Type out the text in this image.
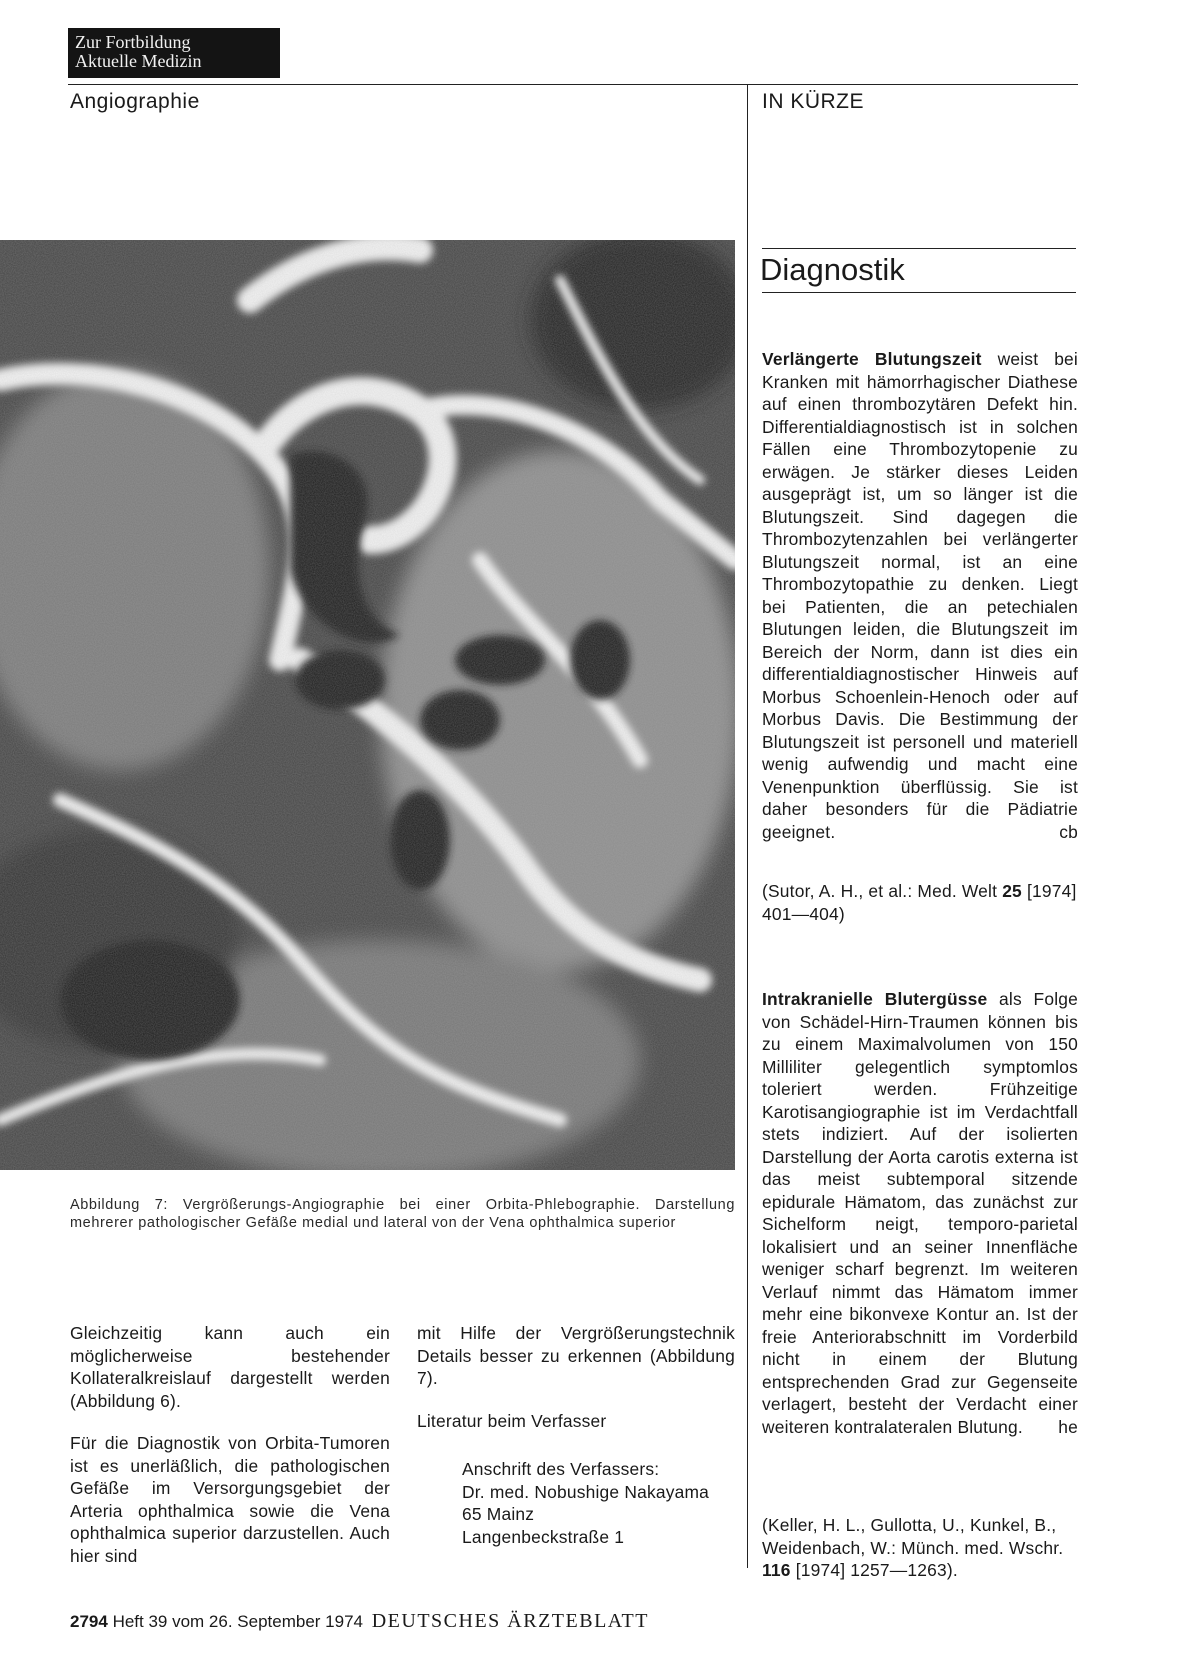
Zur Fortbildung
Aktuelle Medizin
Angiographie	IN KÜRZE
Abbildung 7: Vergrößerungs-Angiographie bei einer Orbita-Phlebographie. Darstellung mehrerer pathologischer Gefäße medial und lateral von der Vena ophthalmica superior

Gleichzeitig kann auch ein möglicherweise bestehender Kollateralkreislauf dargestellt werden (Abbildung 6).

Für die Diagnostik von Orbita-Tumoren ist es unerläßlich, die pathologischen Gefäße im Versorgungsgebiet der Arteria ophthalmica sowie die Vena ophthalmica superior darzustellen. Auch hier sind

mit Hilfe der Vergrößerungstechnik Details besser zu erkennen (Abbildung 7).

Literatur beim Verfasser

Anschrift des Verfassers:
Dr. med. Nobushige Nakayama
65 Mainz
Langenbeckstraße 1
Diagnostik

Verlängerte Blutungszeit weist bei Kranken mit hämorrhagischer Diathese auf einen thrombozytären Defekt hin. Differentialdiagnostisch ist in solchen Fällen eine Thrombozytopenie zu erwägen. Je stärker dieses Leiden ausgeprägt ist, um so länger ist die Blutungszeit. Sind dagegen die Thrombozytenzahlen bei verlängerter Blutungszeit normal, ist an eine Thrombozytopathie zu denken. Liegt bei Patienten, die an petechialen Blutungen leiden, die Blutungszeit im Bereich der Norm, dann ist dies ein differentialdiagnostischer Hinweis auf Morbus Schoenlein-Henoch oder auf Morbus Davis. Die Bestimmung der Blutungszeit ist personell und materiell wenig aufwendig und macht eine Venenpunktion überflüssig. Sie ist daher besonders für die Pädiatrie geeignet.	cb

(Sutor, A. H., et al.: Med. Welt 25 [1974] 401—404)

Intrakranielle Blutergüsse als Folge von Schädel-Hirn-Traumen können bis zu einem Maximalvolumen von 150 Milliliter gelegentlich symptomlos toleriert werden. Frühzeitige Karotisangiographie ist im Verdachtfall stets indiziert. Auf der isolierten Darstellung der Aorta carotis externa ist das meist subtemporal sitzende epidurale Hämatom, das zunächst zur Sichelform neigt, temporo-parietal lokalisiert und an seiner Innenfläche weniger scharf begrenzt. Im weiteren Verlauf nimmt das Hämatom immer mehr eine bikonvexe Kontur an. Ist der freie Anteriorabschnitt im Vorderbild nicht in einem der Blutung entsprechenden Grad zur Gegenseite verlagert, besteht der Verdacht einer weiteren kontralateralen Blutung. he

(Keller, H. L., Gullotta, U., Kunkel, B., Weidenbach, W.: Münch. med. Wschr. 116 [1974] 1257—1263).

2794 Heft 39 vom 26. September 1974 DEUTSCHES ÄRZTEBLATT
